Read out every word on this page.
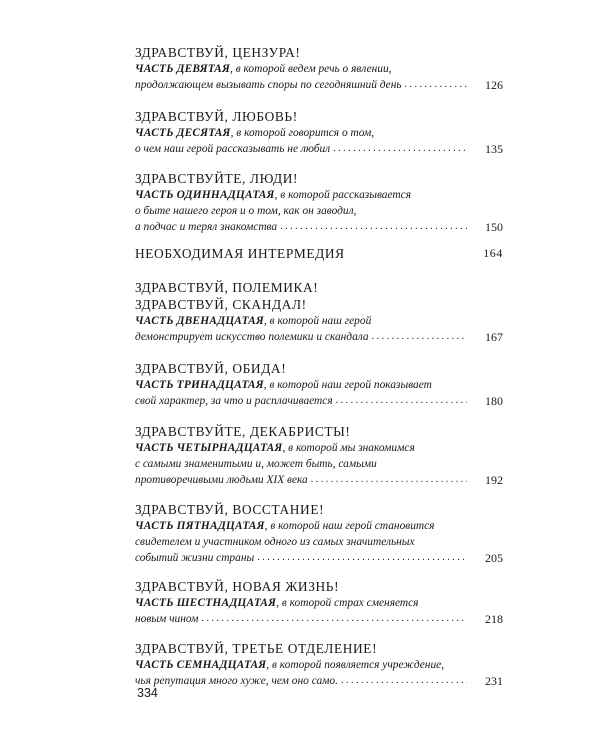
ЗДРАВСТВУЙ, ЦЕНЗУРА!
ЧАСТЬ ДЕВЯТАЯ, в которой ведем речь о явлении,
продолжающем вызывать споры по сегодняшний день . . .	126
ЗДРАВСТВУЙ, ЛЮБОВЬ!
ЧАСТЬ ДЕСЯТАЯ, в которой говорится о том,
о чем наш герой рассказывать не любил . . .	135
ЗДРАВСТВУЙТЕ, ЛЮДИ!
ЧАСТЬ ОДИННАДЦАТАЯ, в которой рассказывается
о быте нашего героя и о том, как он заводил,
а подчас и терял знакомства . . .	150
НЕОБХОДИМАЯ ИНТЕРМЕДИЯ	164
ЗДРАВСТВУЙ, ПОЛЕМИКА!
ЗДРАВСТВУЙ, СКАНДАЛ!
ЧАСТЬ ДВЕНАДЦАТАЯ, в которой наш герой
демонстрирует искусство полемики и скандала . . .	167
ЗДРАВСТВУЙ, ОБИДА!
ЧАСТЬ ТРИНАДЦАТАЯ, в которой наш герой показывает
свой характер, за что и расплачивается . . .	180
ЗДРАВСТВУЙТЕ, ДЕКАБРИСТЫ!
ЧАСТЬ ЧЕТЫРНАДЦАТАЯ, в которой мы знакомимся
с самыми знаменитыми и, может быть, самыми
противоречивыми людьми XIX века . . .	192
ЗДРАВСТВУЙ, ВОССТАНИЕ!
ЧАСТЬ ПЯТНАДЦАТАЯ, в которой наш герой становится
свидетелем и участником одного из самых значительных
событий жизни страны . . .	205
ЗДРАВСТВУЙ, НОВАЯ ЖИЗНЬ!
ЧАСТЬ ШЕСТНАДЦАТАЯ, в которой страх сменяется
новым чином . . .	218
ЗДРАВСТВУЙ, ТРЕТЬЕ ОТДЕЛЕНИЕ!
ЧАСТЬ СЕМНАДЦАТАЯ, в которой появляется учреждение,
чья репутация много хуже, чем оно само. . . .	231
334
